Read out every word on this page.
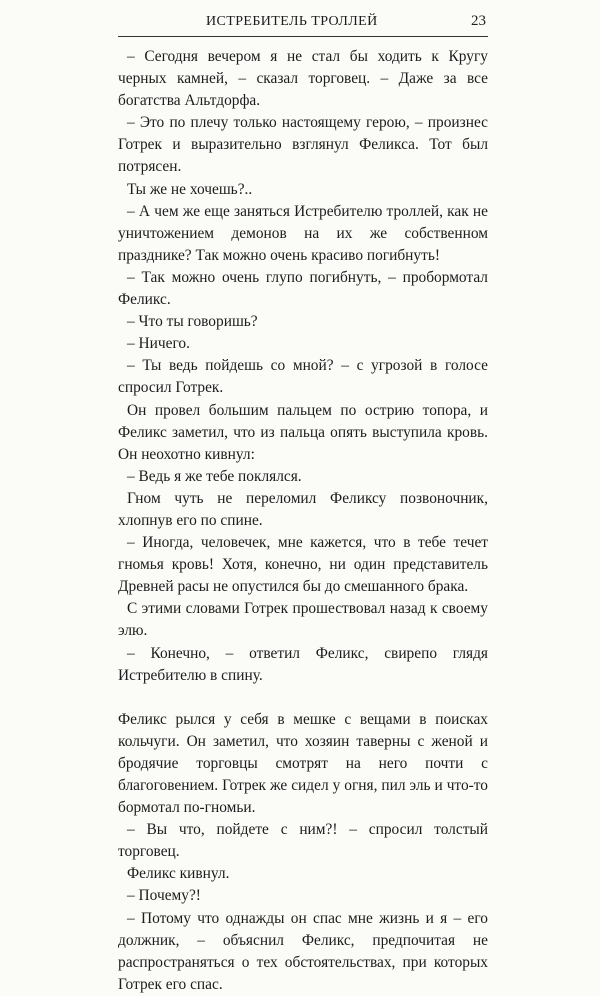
ИСТРЕБИТЕЛЬ ТРОЛЛЕЙ	23

– Сегодня вечером я не стал бы ходить к Кругу черных камней, – сказал торговец. – Даже за все богатства Альтдорфа.

– Это по плечу только настоящему герою, – произнес Готрек и выразительно взглянул Феликса. Тот был потрясен.

Ты же не хочешь?..

– А чем же еще заняться Истребителю троллей, как не уничтожением демонов на их же собственном празднике? Так можно очень красиво погибнуть!

– Так можно очень глупо погибнуть, – пробормотал Феликс.

– Что ты говоришь?

– Ничего.

– Ты ведь пойдешь со мной? – с угрозой в голосе спросил Готрек.

Он провел большим пальцем по острию топора, и Феликс заметил, что из пальца опять выступила кровь. Он неохотно кивнул:

– Ведь я же тебе поклялся.

Гном чуть не переломил Феликсу позвоночник, хлопнув его по спине.

– Иногда, человечек, мне кажется, что в тебе течет гномья кровь! Хотя, конечно, ни один представитель Древней расы не опустился бы до смешанного брака.

С этими словами Готрек прошествовал назад к своему элю.

– Конечно, – ответил Феликс, свирепо глядя Истребителю в спину.

Феликс рылся у себя в мешке с вещами в поисках кольчуги. Он заметил, что хозяин таверны с женой и бродячие торговцы смотрят на него почти с благоговением. Готрек же сидел у огня, пил эль и что-то бормотал по-гномьи.

– Вы что, пойдете с ним?! – спросил толстый торговец.

Феликс кивнул.

– Почему?!

– Потому что однажды он спас мне жизнь и я – его должник, – объяснил Феликс, предпочитая не распространяться о тех обстоятельствах, при которых Готрек его спас.
